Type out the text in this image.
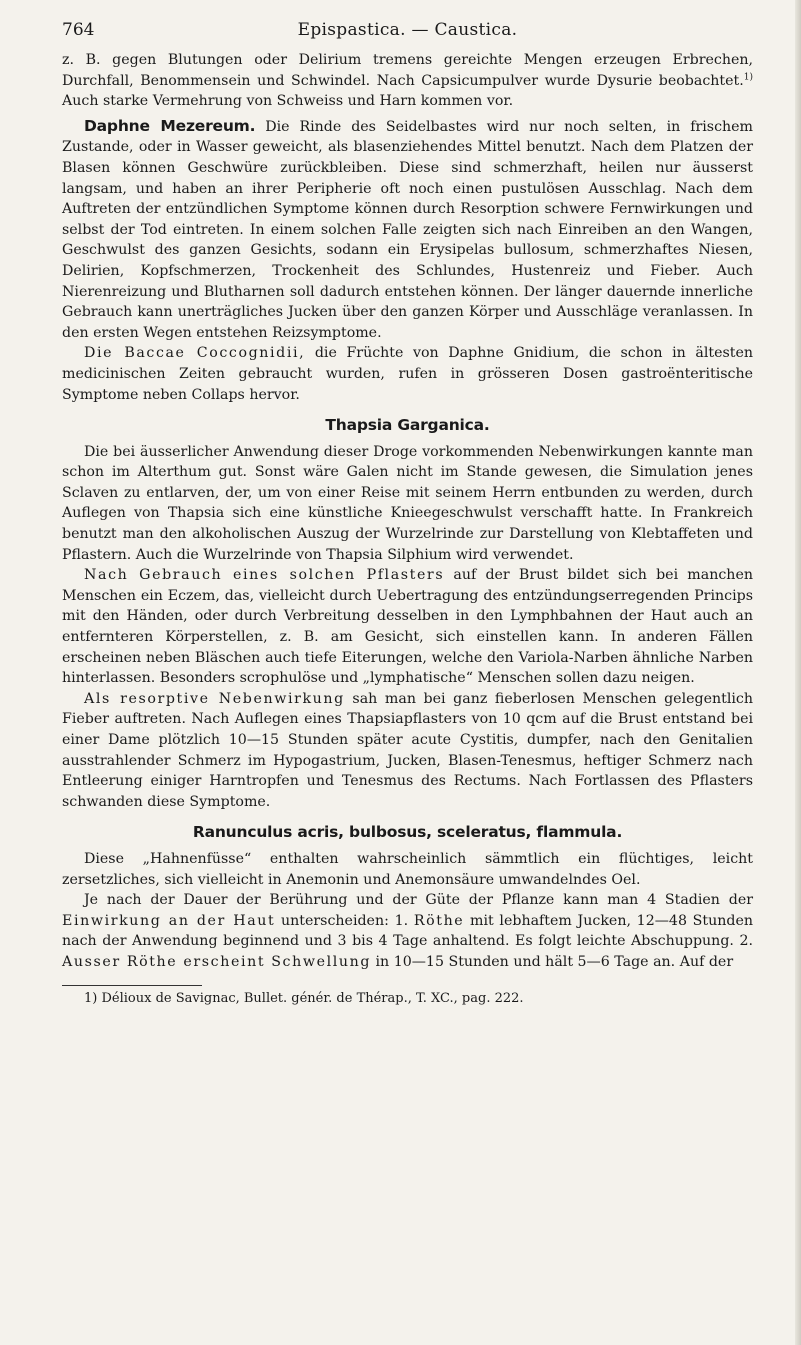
764	Epispastica. — Caustica.

z. B. gegen Blutungen oder Delirium tremens gereichte Mengen erzeugen Erbrechen, Durchfall, Benommensein und Schwindel. Nach Capsicumpulver wurde Dysurie beobachtet.$^{1)}$ Auch starke Vermehrung von Schweiss und Harn kommen vor.

Daphne Mezereum. Die Rinde des Seidelbastes wird nur noch selten, in frischem Zustande, oder in Wasser geweicht, als blasenziehendes Mittel benutzt. Nach dem Platzen der Blasen können Geschwüre zurückbleiben. Diese sind schmerzhaft, heilen nur äusserst langsam, und haben an ihrer Peripherie oft noch einen pustulösen Ausschlag. Nach dem Auftreten der entzündlichen Symptome können durch Resorption schwere Fernwirkungen und selbst der Tod eintreten. In einem solchen Falle zeigten sich nach Einreiben an den Wangen, Geschwulst des ganzen Gesichts, sodann ein Erysipelas bullosum, schmerzhaftes Niesen, Delirien, Kopfschmerzen, Trockenheit des Schlundes, Hustenreiz und Fieber. Auch Nierenreizung und Blutharnen soll dadurch entstehen können. Der länger dauernde innerliche Gebrauch kann unerträgliches Jucken über den ganzen Körper und Ausschläge veranlassen. In den ersten Wegen entstehen Reizsymptome.

Die Baccae Coccognidii, die Früchte von Daphne Gnidium, die schon in ältesten medicinischen Zeiten gebraucht wurden, rufen in grösseren Dosen gastroënteritische Symptome neben Collaps hervor.

Thapsia Garganica.

Die bei äusserlicher Anwendung dieser Droge vorkommenden Nebenwirkungen kannte man schon im Alterthum gut. Sonst wäre Galen nicht im Stande gewesen, die Simulation jenes Sclaven zu entlarven, der, um von einer Reise mit seinem Herrn entbunden zu werden, durch Auflegen von Thapsia sich eine künstliche Knieegeschwulst verschafft hatte. In Frankreich benutzt man den alkoholischen Auszug der Wurzelrinde zur Darstellung von Klebtaffeten und Pflastern. Auch die Wurzelrinde von Thapsia Silphium wird verwendet.

Nach Gebrauch eines solchen Pflasters auf der Brust bildet sich bei manchen Menschen ein Eczem, das, vielleicht durch Uebertragung des entzündungserregenden Princips mit den Händen, oder durch Verbreitung desselben in den Lymphbahnen der Haut auch an entfernteren Körperstellen, z. B. am Gesicht, sich einstellen kann. In anderen Fällen erscheinen neben Bläschen auch tiefe Eiterungen, welche den Variola-Narben ähnliche Narben hinterlassen. Besonders scrophulöse und „lymphatische“ Menschen sollen dazu neigen.

Als resorptive Nebenwirkung sah man bei ganz fieberlosen Menschen gelegentlich Fieber auftreten. Nach Auflegen eines Thapsiapflasters von 10 qcm auf die Brust entstand bei einer Dame plötzlich 10—15 Stunden später acute Cystitis, dumpfer, nach den Genitalien ausstrahlender Schmerz im Hypogastrium, Jucken, Blasen-Tenesmus, heftiger Schmerz nach Entleerung einiger Harntropfen und Tenesmus des Rectums. Nach Fortlassen des Pflasters schwanden diese Symptome.

Ranunculus acris, bulbosus, sceleratus, flammula.

Diese „Hahnenfüsse“ enthalten wahrscheinlich sämmtlich ein flüchtiges, leicht zersetzliches, sich vielleicht in Anemonin und Anemonsäure umwandelndes Oel.

Je nach der Dauer der Berührung und der Güte der Pflanze kann man 4 Stadien der Einwirkung an der Haut unterscheiden: 1. Röthe mit lebhaftem Jucken, 12—48 Stunden nach der Anwendung beginnend und 3 bis 4 Tage anhaltend. Es folgt leichte Abschuppung. 2. Ausser Röthe erscheint Schwellung in 10—15 Stunden und hält 5—6 Tage an. Auf der

1) Délioux de Savignac, Bullet. génér. de Thérap., T. XC., pag. 222.
